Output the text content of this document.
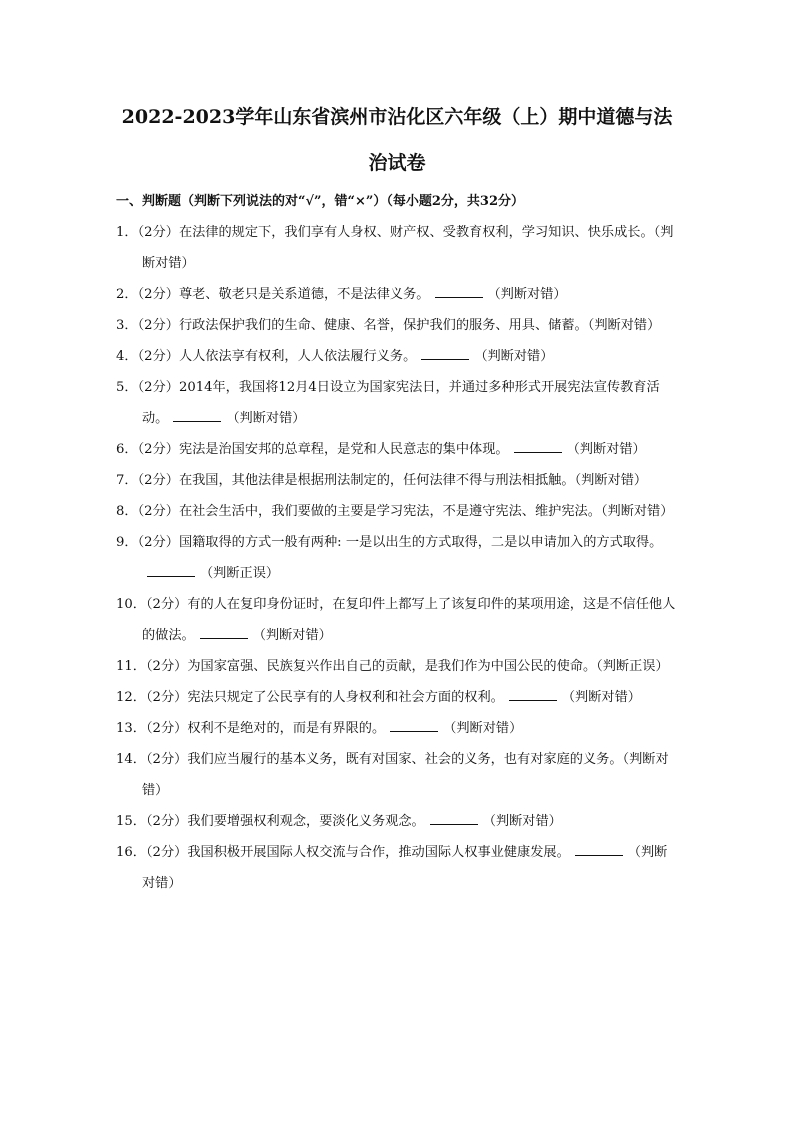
2022-2023学年山东省滨州市沾化区六年级（上）期中道德与法
治试卷

一、判断题（判断下列说法的对“√”，错“×”）（每小题2分，共32分）

1．（2分）在法律的规定下，我们享有人身权、财产权、受教育权利，学习知识、快乐成长。（判断对错）
2．（2分）尊老、敬老只是关系道德，不是法律义务。	（判断对错）
3．（2分）行政法保护我们的生命、健康、名誉，保护我们的服务、用具、储蓄。（判断对错）
4．（2分）人人依法享有权利，人人依法履行义务。	（判断对错）
5．（2分）2014年，我国将12月4日设立为国家宪法日，并通过多种形式开展宪法宣传教育活动。	（判断对错）
6．（2分）宪法是治国安邦的总章程，是党和人民意志的集中体现。	（判断对错）
7．（2分）在我国，其他法律是根据刑法制定的，任何法律不得与刑法相抵触。（判断对错）
8．（2分）在社会生活中，我们要做的主要是学习宪法，不是遵守宪法、维护宪法。（判断对错）
9．（2分）国籍取得的方式一般有两种: 一是以出生的方式取得，二是以申请加入的方式取得。（判断正误）
10．（2分）有的人在复印身份证时，在复印件上都写上了该复印件的某项用途，这是不信任他人的做法。	（判断对错）
11．（2分）为国家富强、民族复兴作出自己的贡献，是我们作为中国公民的使命。（判断正误）
12．（2分）宪法只规定了公民享有的人身权利和社会方面的权利。	（判断对错）
13．（2分）权利不是绝对的，而是有界限的。	（判断对错）
14．（2分）我们应当履行的基本义务，既有对国家、社会的义务，也有对家庭的义务。（判断对错）
15．（2分）我们要增强权利观念，要淡化义务观念。	（判断对错）
16．（2分）我国积极开展国际人权交流与合作，推动国际人权事业健康发展。	（判断对错）
